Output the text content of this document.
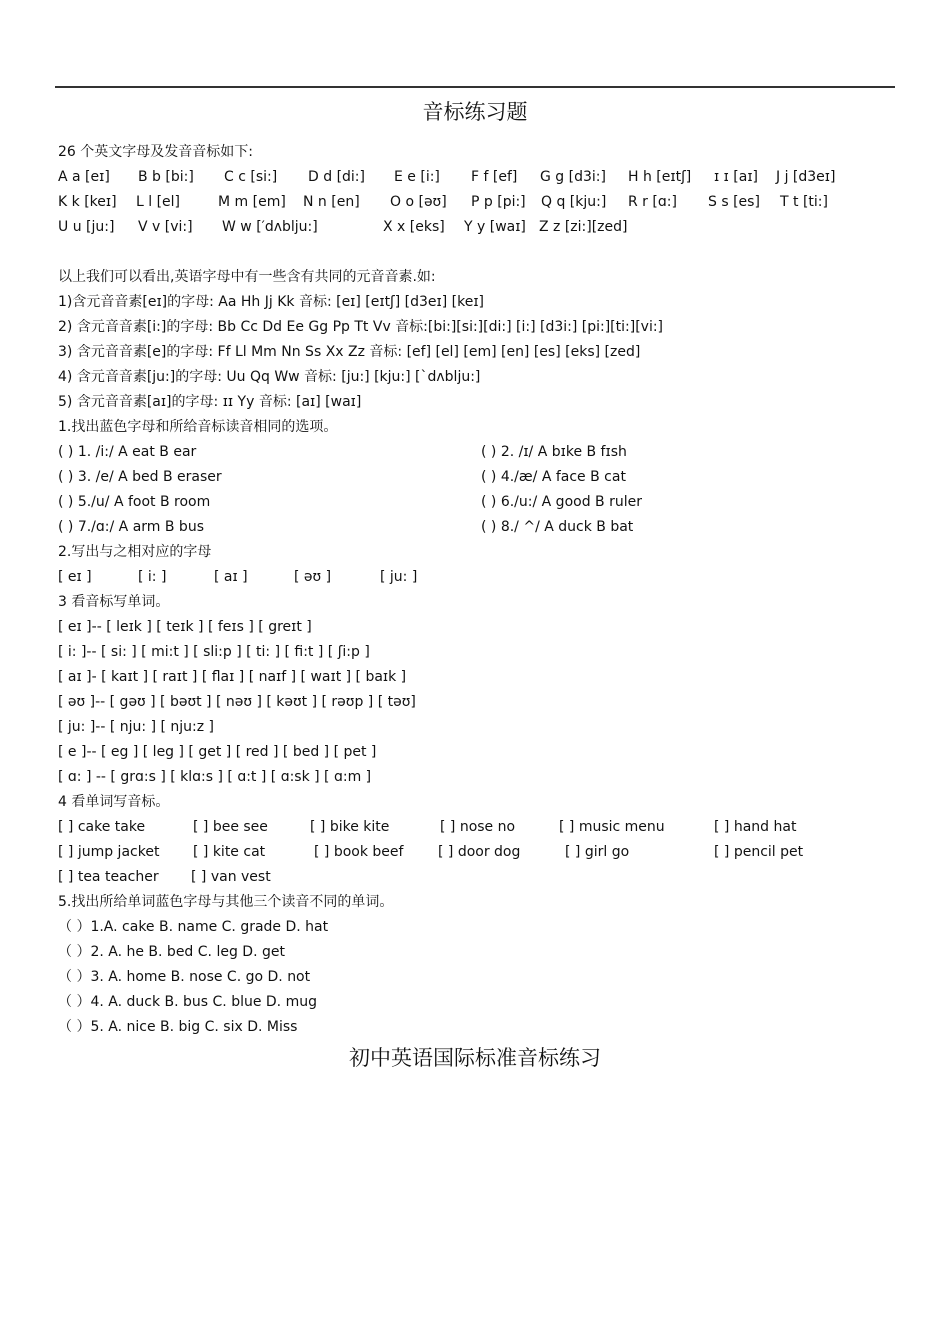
音标练习题
26 个英文字母及发音音标如下:
A a [eɪ] B b [bi:] C c [si:] D d [di:] E e [i:] F f [ef] G g [d3i:] H h [eɪtʃ] ɪ ɪ [aɪ] J j [d3eɪ]
K k [keɪ] L l [el]	M m [em] N n [en] O o [əʊ] P p [pi:] Q q [kju:] R r [ɑ:] S s [es] T t [ti:]
U u [ju:] V v [vi:] W w [′dʌblju:]	X x [eks] Y y [waɪ] Z z [zi:][zed]
以上我们可以看出,英语字母中有一些含有共同的元音音素.如:
1)含元音音素[eɪ]的字母: Aa Hh Jj Kk 音标: [eɪ] [eɪtʃ] [d3eɪ] [keɪ]
2) 含元音音素[i:]的字母: Bb Cc Dd Ee Gg Pp Tt Vv 音标:[bi:][si:][di:] [i:] [d3i:] [pi:][ti:][vi:]
3) 含元音音素[e]的字母: Ff Ll Mm Nn Ss Xx Zz 音标: [ef] [el] [em] [en] [es] [eks] [zed]
4) 含元音音素[ju:]的字母: Uu Qq Ww 音标: [ju:] [kju:] [`dʌblju:]
5) 含元音音素[aɪ]的字母: ɪɪ Yy 音标: [aɪ] [waɪ]
1.找出蓝色字母和所给音标读音相同的选项。
( ) 1. /i:/ A eat B ear	( ) 2. /ɪ/ A bɪke B fɪsh
( ) 3. /e/ A bed B eraser	( ) 4./æ/ A face B cat
( ) 5./u/ A foot B room	( ) 6./u:/ A good B ruler
( ) 7./ɑ:/ A arm B bus	( ) 8./ ^/ A duck B bat
2.写出与之相对应的字母
[ eɪ ]	[ i: ]	[ aɪ ]	[ əʊ ]	[ ju: ]
3 看音标写单词。
[ eɪ ]-- [ leɪk ] [ teɪk ] [ feɪs ] [ greɪt ]
[ i: ]-- [ si: ] [ mi:t ] [ sli:p ] [ ti: ] [ fi:t ] [ ʃi:p ]
[ aɪ ]- [ kaɪt ] [ raɪt ] [ flaɪ ] [ naɪf ] [ waɪt ] [ baɪk ]
[ əʊ ]-- [ gəʊ ] [ bəʊt ] [ nəʊ ] [ kəʊt ] [ rəʊp ] [ təʊ]
[ ju: ]-- [ nju: ] [ nju:z ]
[ e ]-- [ eg ] [ leg ] [ get ] [ red ] [ bed ] [ pet ]
[ ɑ: ] -- [ grɑ:s ] [ klɑ:s ] [ ɑ:t ] [ ɑ:sk ] [ ɑ:m ]
4 看单词写音标。
[ ] cake take	[ ] bee see	[ ] bike kite	[ ] nose no	[ ] music menu	[ ] hand hat
[ ] jump jacket [ ] kite cat	[ ] book beef [ ] door dog	[ ] girl go	[ ] pencil pet
[ ] tea teacher [ ] van vest
5.找出所给单词蓝色字母与其他三个读音不同的单词。
（ ）1.A. cake B. name C. grade D. hat
（ ）2. A. he B. bed C. leg D. get
（ ）3. A. home B. nose C. go D. not
（ ）4. A. duck B. bus C. blue D. mug
（ ）5. A. nice B. big C. six D. Miss
初中英语国际标准音标练习
